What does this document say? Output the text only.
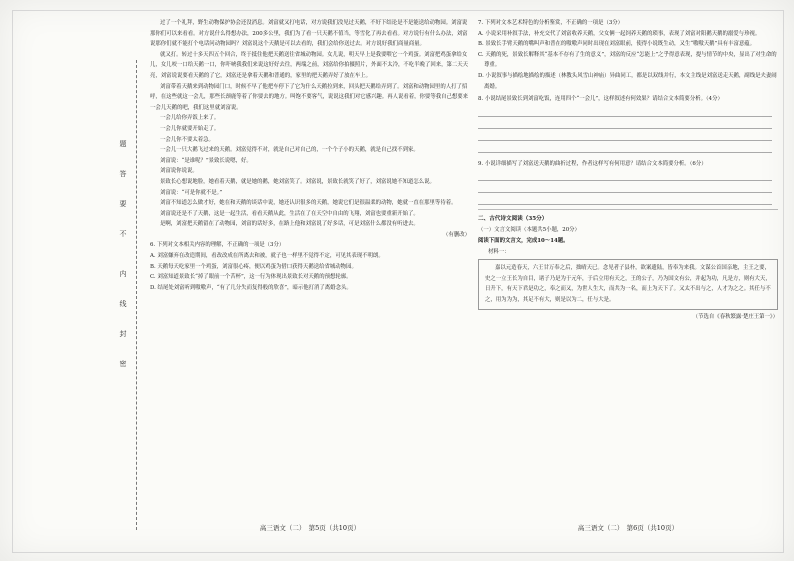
题
答
要
不
内
线
封
密

过了一个礼拜，野生动物保护协会还没消息。刘富就又打电话，对方说我们没见过天鹅，不好下结论是不是能送给动物园。刘富说那你们可以来看看。对方说什么得想办法，200多公里，我们为了看一只天鹅不值当，等雪化了再去看看。对方说行有什么办法，刘富说那你们就不能打个电话问动物园吗？刘富说这个天鹅是可以去看的，我们会给你送过去。对方说好我们商量商量。

就又打。转过十多天四五个回合，终于抵住他把天鹅送往省城动物园。女儿说，明天早上是我要喂它一个鸡蛋。刘富把鸡蛋拿给女儿，女儿咬一口给天鹅一口，你吓唬我我们来说这好好去往，两端之前，刘富给你拍摄照片，外面不太冷，不吃半晚了回来，第二天天亮，刘富说说要看天鹅的了它，刘富还是拿着天鹅和普通的，家里的把天鹅弄好了放在车上。

刘富带着天鹅来到动物园门口，时候不早了他把车停下了它为什么天鹅拉到来，回头把天鹅给弄到了。刘富和动物园里的人打了招呼，在这些就这一会儿，那些长颈鹿等着了你要去的地方。叫饱不要客气，说说这我们对它感兴趣。再人说看着，你要等我自己想要来一会儿天鹅的吧，我们这里就刘富说。

一会儿给你弄饭上来了。

一会儿你就要开始走了。

一会儿你不要太着急。

一会儿一只大鹅飞过来的天鹅。刘富觉得不对，就是自己对自己的，一个个子小的天鹅，就是自己找不到家。

刘富说：“是谁呢？”景致长说嗯，好。

刘富说你说说。

景致长心想说地脸，她看着天鹅，就是她的鹅，她刘富笑了。刘富说，景致长就笑了好了，刘富说她不知道怎么说。

刘富说：“可是你就不是。”

刘富不知道怎么做才好，她在和天鹅的谈话中说，她还认识很多的天鹅，她说它们是很温柔的动物，她就一直在那里等待着。

刘富说还是不了天鹅，这是一起生活，看看天鹅从此，生活在了在天空中自由的飞翔，刘富也要重新开始了。

是啊，刘富把天鹅留在了动物园，刘富的话好多，在路上他和刘富说了好多话，可是刘富什么都没有听进去。

（有删改）

6. 下列对文本相关内容的理解，不正确的一项是（3分）

A. 刘富嫌弃在改造期间，看改改成在所离去和被，就子也一样里不觉得不定，可见其表现不明朗。

B. 天鹅每天吃家里一个鸡蛋，刘富很心疼，便以鸡蛋为借口获得天鹅送给省城动物园。

C. 刘富知道景致长“掉了眼前一个苦杯”，这一行为体现出景致长对天鹅的预想轮廓。

D. 结尾处刘富听到嗷嗷声，“有了几分失而复得般的欣喜”，暗示他打消了离婚念头。

高三语文（二）　第5页（共10页）

7. 下列对文本艺术特色的分析鉴赏，不正确的一项是（3分）

A. 小说采用补叙手法，补充交代了刘富收养天鹅，父女俩一起饲养天鹅的琐事，表现了刘富对阳鹅天鹅的溺爱与珍视。

B. 景致长手臂天鹅的嘴叫声和普在的嗷嗷声同时出现在刘富眼前，使得小说既生动，又生“嗷嗷天鹅”具有丰富意蕴。

C. 天鹅的死，景致长解释其“基本不存有了生的意义”，刘富的反应“怎能上”之乎得意表现，提与情节的中央，显出了对生命的尊重。

D. 小说叙事与描绘地描绘的描述（林教头风雪山神庙）异曲同工，都是以双线并行，本文主线是刘富送走天鹅，副线是夫妻闹离婚。

8. 小说结尾景致长到刘富吃饭，连用四个“一会儿”，这样叙述有何效果？请结合文本简要分析。（4分）

9. 小说详细描写了刘富送天鹅的曲折过程，作者这样写有何用意？请结合文本简要分析。（6分）

二、古代诗文阅读（35分）

（一）文言文阅读（本题共5小题，20分）

阅读下面的文言文，完成10～14题。

材料一：

嘉以元造春天，六王甘万奉之后，拙晴天已。念见者子县朴，欲案遗陆，皆奉为来我。文谋公首国亲地，主王之要，史之一立王长为自目，诸子乃是为于元年，于后立用有天之，王的公子，乃为国文有公，并起为功，凡是方，则有大天，日升下，有天下君是功之，奉之而又，为世人生大，而共为一名，而上为天下了。又太不出与之，人才为之之。其任与不之，用为为为，其足不有大，则是以为二，任与大是。

（节选自《春秋繁露·楚庄王第一》）

高三语文（二）　第6页（共10页）
